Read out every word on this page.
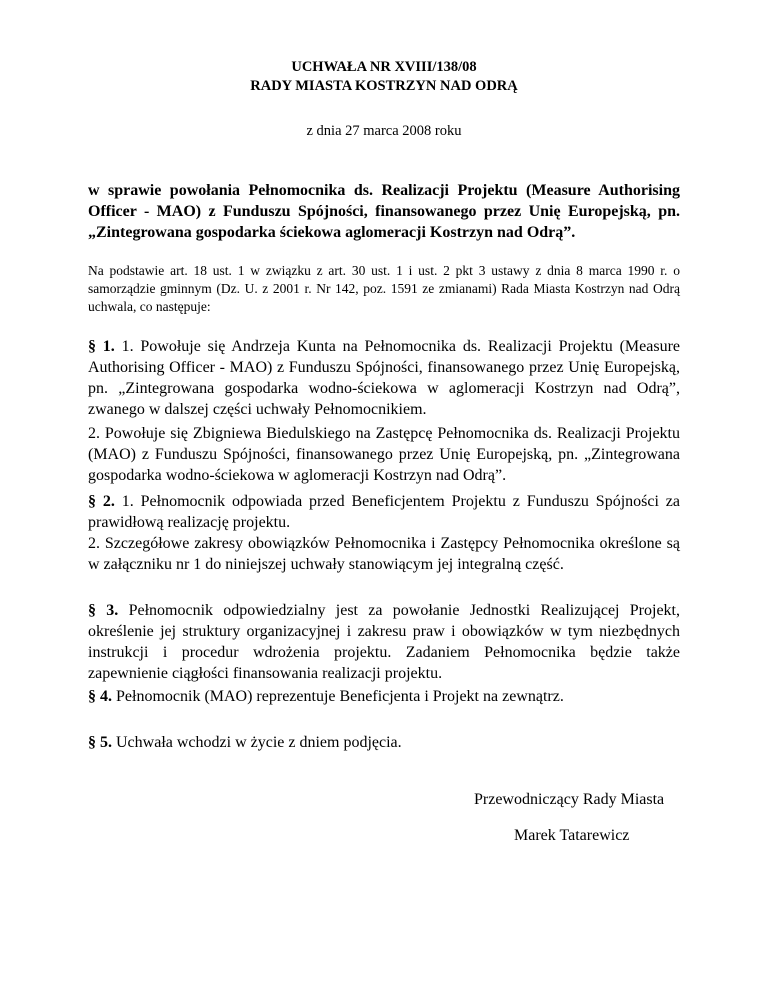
UCHWAŁA NR XVIII/138/08
RADY MIASTA KOSTRZYN NAD ODRĄ
z dnia 27 marca 2008 roku
w sprawie powołania Pełnomocnika ds. Realizacji Projektu (Measure Authorising Officer - MAO) z Funduszu Spójności, finansowanego przez Unię Europejską, pn. „Zintegrowana gospodarka ściekowa aglomeracji Kostrzyn nad Odrą”.
Na podstawie art. 18 ust. 1 w związku z art. 30 ust. 1 i ust. 2 pkt 3 ustawy z dnia 8 marca 1990 r. o samorządzie gminnym (Dz. U. z 2001 r. Nr 142, poz. 1591 ze zmianami) Rada Miasta Kostrzyn nad Odrą uchwala, co następuje:
§ 1. 1. Powołuje się Andrzeja Kunta na Pełnomocnika ds. Realizacji Projektu (Measure Authorising Officer - MAO) z Funduszu Spójności, finansowanego przez Unię Europejską, pn. „Zintegrowana gospodarka wodno-ściekowa w aglomeracji Kostrzyn nad Odrą”, zwanego w dalszej części uchwały Pełnomocnikiem.
2. Powołuje się Zbigniewa Biedulskiego na Zastępcę Pełnomocnika ds. Realizacji Projektu (MAO) z Funduszu Spójności, finansowanego przez Unię Europejską, pn. „Zintegrowana gospodarka wodno-ściekowa w aglomeracji Kostrzyn nad Odrą”.
§ 2. 1. Pełnomocnik odpowiada przed Beneficjentem Projektu z Funduszu Spójności za prawidłową realizację projektu.
2. Szczegółowe zakresy obowiązków Pełnomocnika i Zastępcy Pełnomocnika określone są w załączniku nr 1 do niniejszej uchwały stanowiącym jej integralną część.
§ 3. Pełnomocnik odpowiedzialny jest za powołanie Jednostki Realizującej Projekt, określenie jej struktury organizacyjnej i zakresu praw i obowiązków w tym niezbędnych instrukcji i procedur wdrożenia projektu. Zadaniem Pełnomocnika będzie także zapewnienie ciągłości finansowania realizacji projektu.
§ 4. Pełnomocnik (MAO) reprezentuje Beneficjenta i Projekt na zewnątrz.
§ 5. Uchwała wchodzi w życie z dniem podjęcia.
Przewodniczący Rady Miasta
Marek Tatarewicz
